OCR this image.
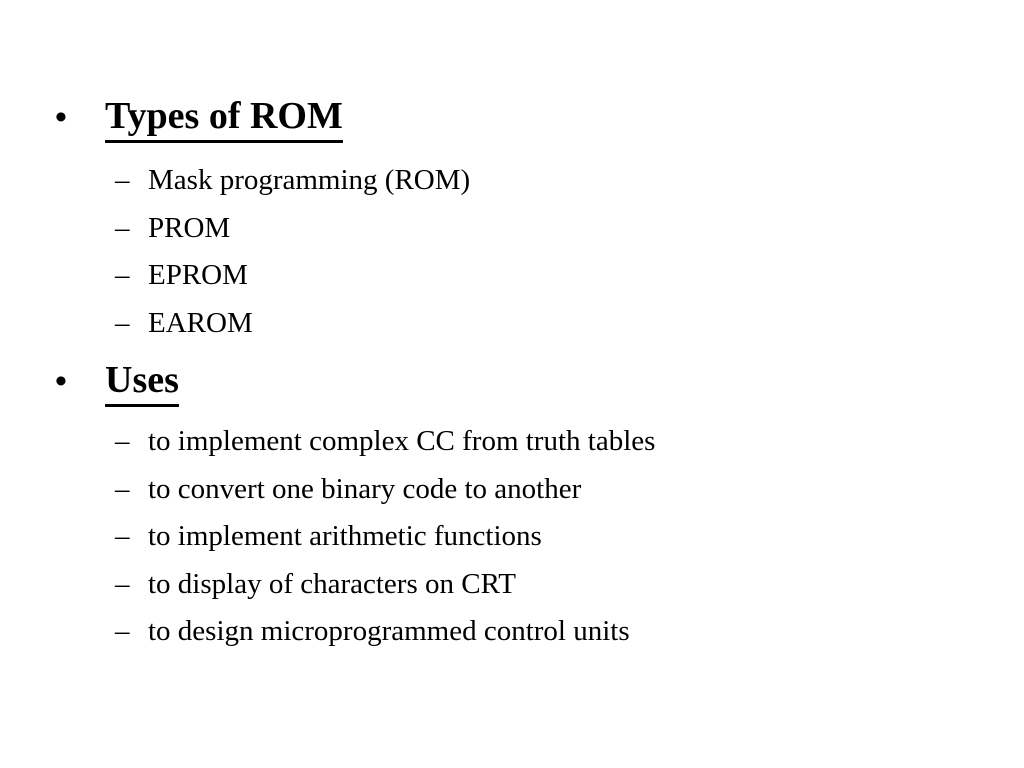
•	Types of ROM
– Mask programming (ROM)
– PROM
– EPROM
– EAROM
•	Uses
– to implement complex CC from truth tables
– to convert one binary code to another
– to implement arithmetic functions
– to display of characters on CRT
– to design microprogrammed control units
